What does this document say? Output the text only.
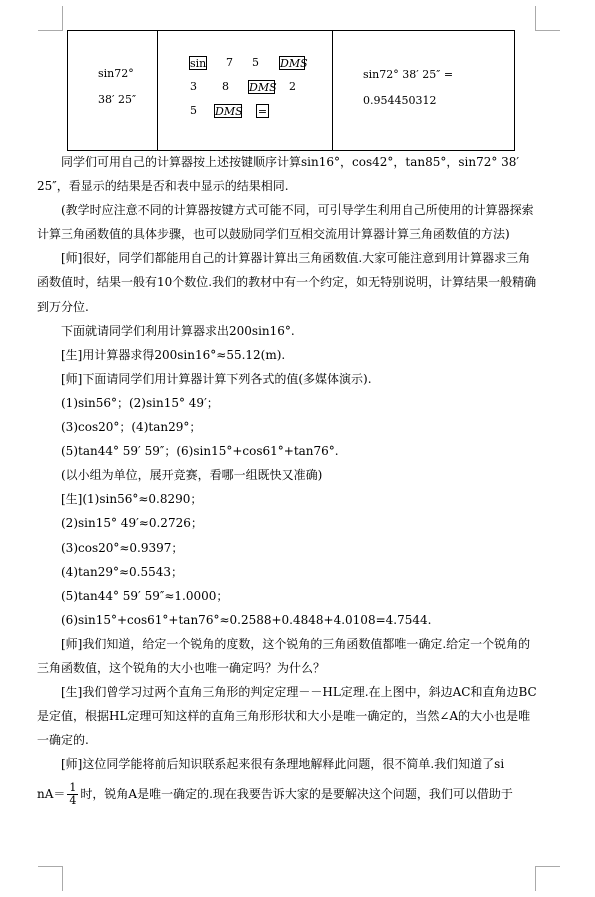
sin72°
38′ 25″
sin 7 5 DMS
3 8 DMS 2
5 DMS =
sin72° 38′ 25″ =
0.954450312

同学们可用自己的计算器按上述按键顺序计算sin16°，cos42°，tan85°，sin72° 38′ 25″，看显示的结果是否和表中显示的结果相同.

(教学时应注意不同的计算器按键方式可能不同，可引导学生利用自己所使用的计算器探索计算三角函数值的具体步骤，也可以鼓励同学们互相交流用计算器计算三角函数值的方法)

[师]很好，同学们都能用自己的计算器计算出三角函数值.大家可能注意到用计算器求三角函数值时，结果一般有10个数位.我们的教材中有一个约定，如无特别说明，计算结果一般精确到万分位.

下面就请同学们利用计算器求出200sin16°.

[生]用计算器求得200sin16°≈55.12(m).

[师]下面请同学们用计算器计算下列各式的值(多媒体演示).

(1)sin56°；(2)sin15° 49′；

(3)cos20°；(4)tan29°；

(5)tan44° 59′ 59″；(6)sin15°+cos61°+tan76°.

(以小组为单位，展开竞赛，看哪一组既快又准确)

[生](1)sin56°≈0.8290；

(2)sin15° 49′≈0.2726；

(3)cos20°≈0.9397；

(4)tan29°≈0.5543；

(5)tan44° 59′ 59″≈1.0000；

(6)sin15°+cos61°+tan76°≈0.2588+0.4848+4.0108=4.7544.

[师]我们知道，给定一个锐角的度数，这个锐角的三角函数值都唯一确定.给定一个锐角的三角函数值，这个锐角的大小也唯一确定吗？为什么？

[生]我们曾学习过两个直角三角形的判定定理－－HL定理.在上图中，斜边AC和直角边BC是定值，根据HL定理可知这样的直角三角形形状和大小是唯一确定的，当然∠A的大小也是唯一确定的.

[师]这位同学能将前后知识联系起来很有条理地解释此问题，很不简单.我们知道了si

$nA= \frac{1}{4}$ 时，锐角A是唯一确定的.现在我要告诉大家的是要解决这个问题，我们可以借助于
